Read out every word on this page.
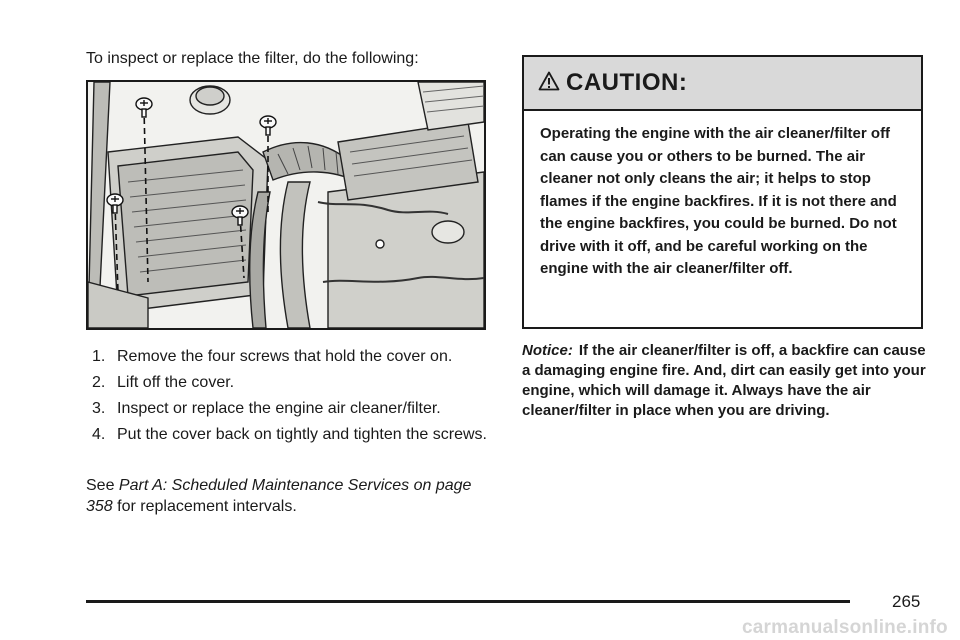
To inspect or replace the filter, do the following:
1. Remove the four screws that hold the cover on.
2. Lift off the cover.
3. Inspect or replace the engine air cleaner/filter.
4. Put the cover back on tightly and tighten the screws.
See Part A: Scheduled Maintenance Services on page 358 for replacement intervals.
CAUTION:
Operating the engine with the air cleaner/filter off can cause you or others to be burned. The air cleaner not only cleans the air; it helps to stop flames if the engine backfires. If it is not there and the engine backfires, you could be burned. Do not drive with it off, and be careful working on the engine with the air cleaner/filter off.
Notice: If the air cleaner/filter is off, a backfire can cause a damaging engine fire. And, dirt can easily get into your engine, which will damage it. Always have the air cleaner/filter in place when you are driving.
265
carmanualsonline.info
